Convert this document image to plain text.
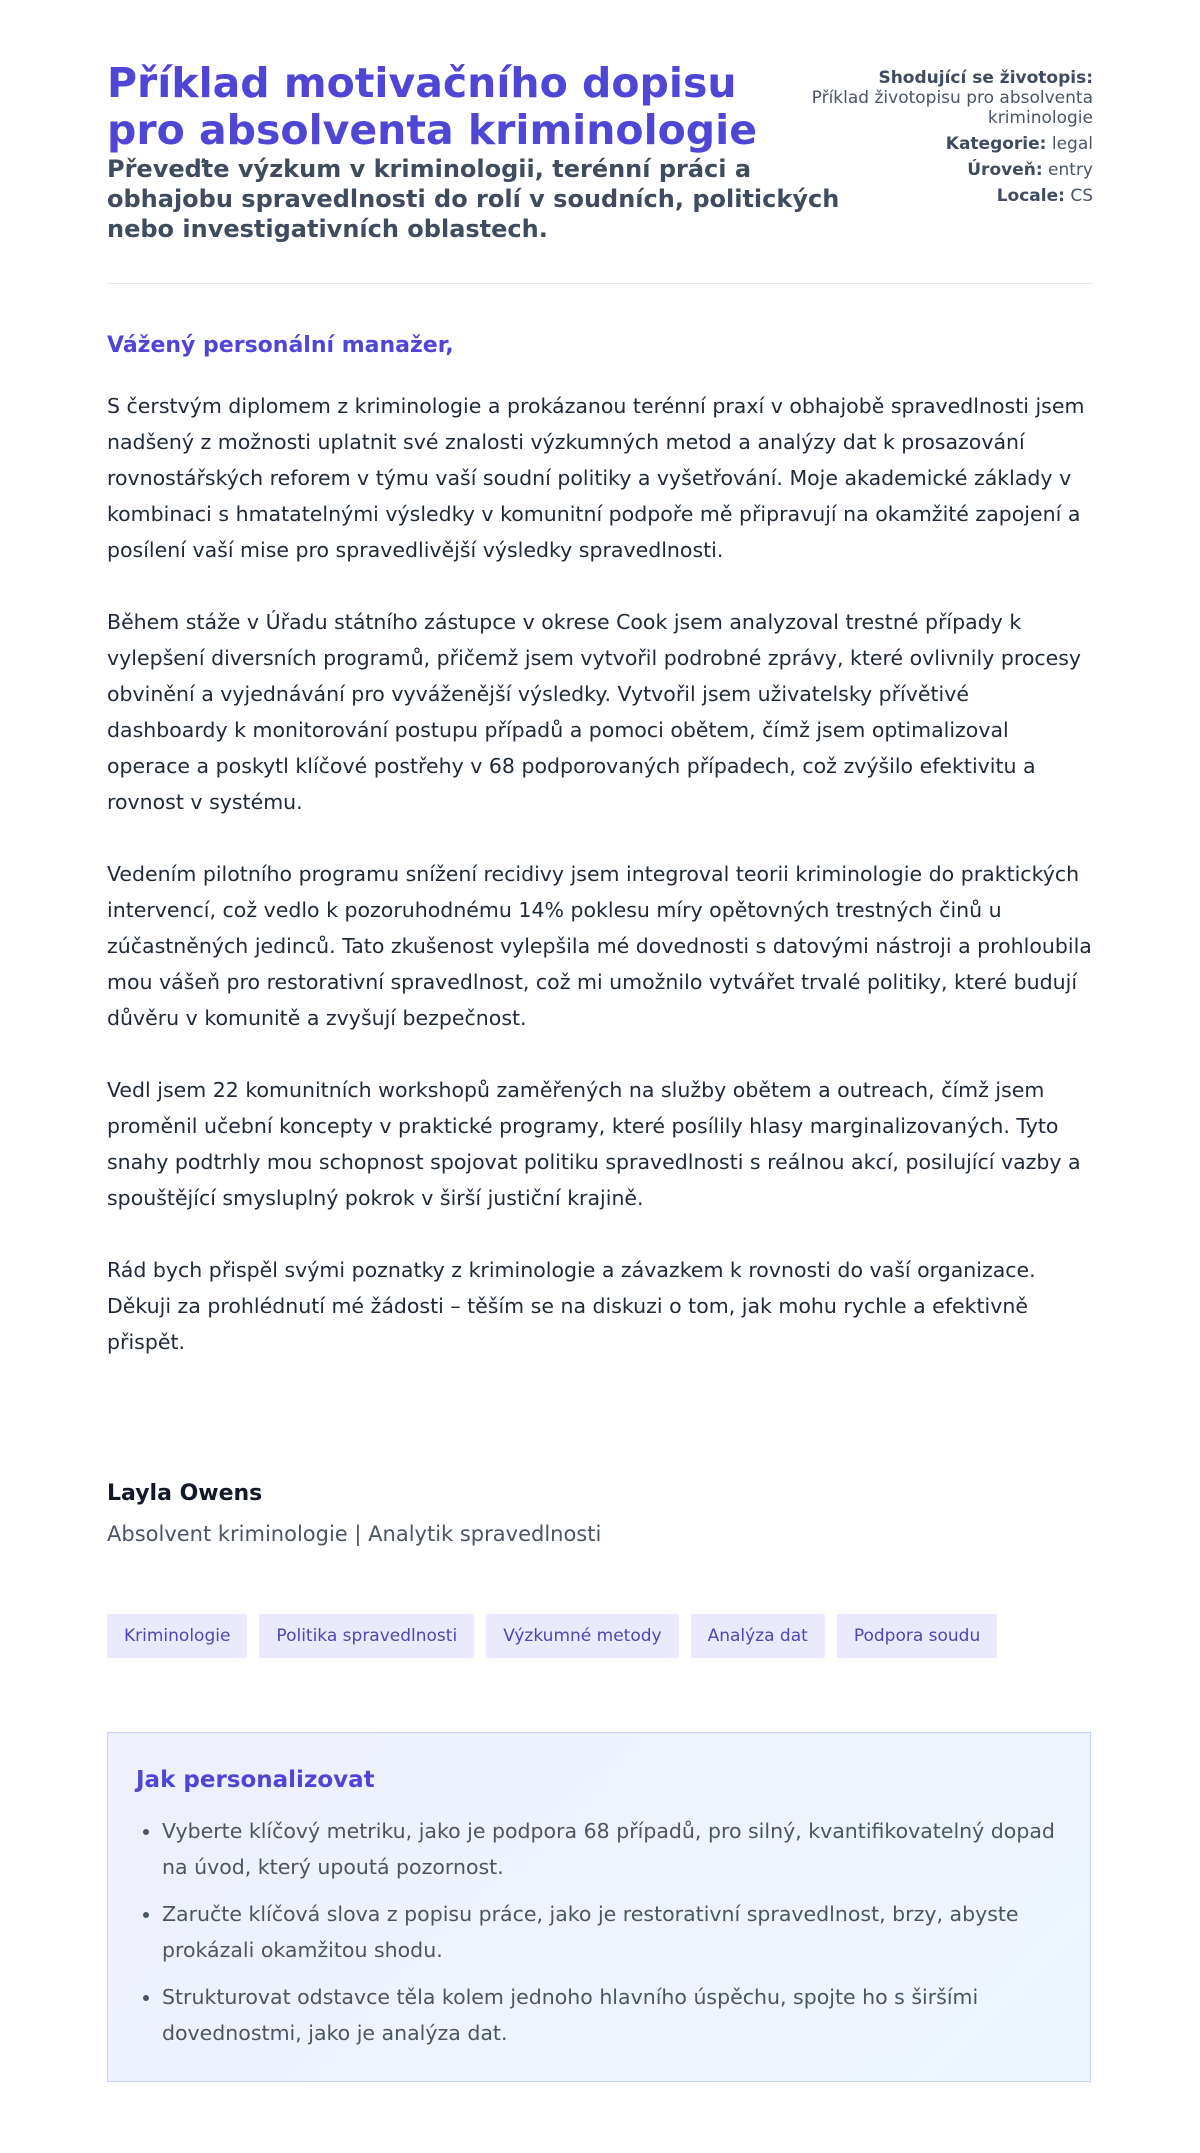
Příklad motivačního dopisu pro absolventa kriminologie
Převeďte výzkum v kriminologii, terénní práci a obhajobu spravedlnosti do rolí v soudních, politických nebo investigativních oblastech.
Shodující se životopis:
Příklad životopisu pro absolventa kriminologie
Kategorie: legal
Úroveň: entry
Locale: CS

Vážený personální manažer,

S čerstvým diplomem z kriminologie a prokázanou terénní praxí v obhajobě spravedlnosti jsem nadšený z možnosti uplatnit své znalosti výzkumných metod a analýzy dat k prosazování rovnostářských reforem v týmu vaší soudní politiky a vyšetřování. Moje akademické základy v kombinaci s hmatatelnými výsledky v komunitní podpoře mě připravují na okamžité zapojení a posílení vaší mise pro spravedlivější výsledky spravedlnosti.

Během stáže v Úřadu státního zástupce v okrese Cook jsem analyzoval trestné případy k vylepšení diversních programů, přičemž jsem vytvořil podrobné zprávy, které ovlivnily procesy obvinění a vyjednávání pro vyváženější výsledky. Vytvořil jsem uživatelsky přívětivé dashboardy k monitorování postupu případů a pomoci obětem, čímž jsem optimalizoval operace a poskytl klíčové postřehy v 68 podporovaných případech, což zvýšilo efektivitu a rovnost v systému.

Vedením pilotního programu snížení recidivy jsem integroval teorii kriminologie do praktických intervencí, což vedlo k pozoruhodnému 14% poklesu míry opětovných trestných činů u zúčastněných jedinců. Tato zkušenost vylepšila mé dovednosti s datovými nástroji a prohloubila mou vášeň pro restorativní spravedlnost, což mi umožnilo vytvářet trvalé politiky, které budují důvěru v komunitě a zvyšují bezpečnost.

Vedl jsem 22 komunitních workshopů zaměřených na služby obětem a outreach, čímž jsem proměnil učební koncepty v praktické programy, které posílily hlasy marginalizovaných. Tyto snahy podtrhly mou schopnost spojovat politiku spravedlnosti s reálnou akcí, posilující vazby a spouštějící smysluplný pokrok v širší justiční krajině.

Rád bych přispěl svými poznatky z kriminologie a závazkem k rovnosti do vaší organizace. Děkuji za prohlédnutí mé žádosti – těším se na diskuzi o tom, jak mohu rychle a efektivně přispět.

Layla Owens

Absolvent kriminologie | Analytik spravedlnosti

Kriminologie	Politika spravedlnosti	Výzkumné metody	Analýza dat	Podpora soudu
Jak personalizovat
• Vyberte klíčový metriku, jako je podpora 68 případů, pro silný, kvantifikovatelný dopad na úvod, který upoutá pozornost.
• Zaručte klíčová slova z popisu práce, jako je restorativní spravedlnost, brzy, abyste prokázali okamžitou shodu.
• Strukturovat odstavce těla kolem jednoho hlavního úspěchu, spojte ho s širšími dovednostmi, jako je analýza dat.
